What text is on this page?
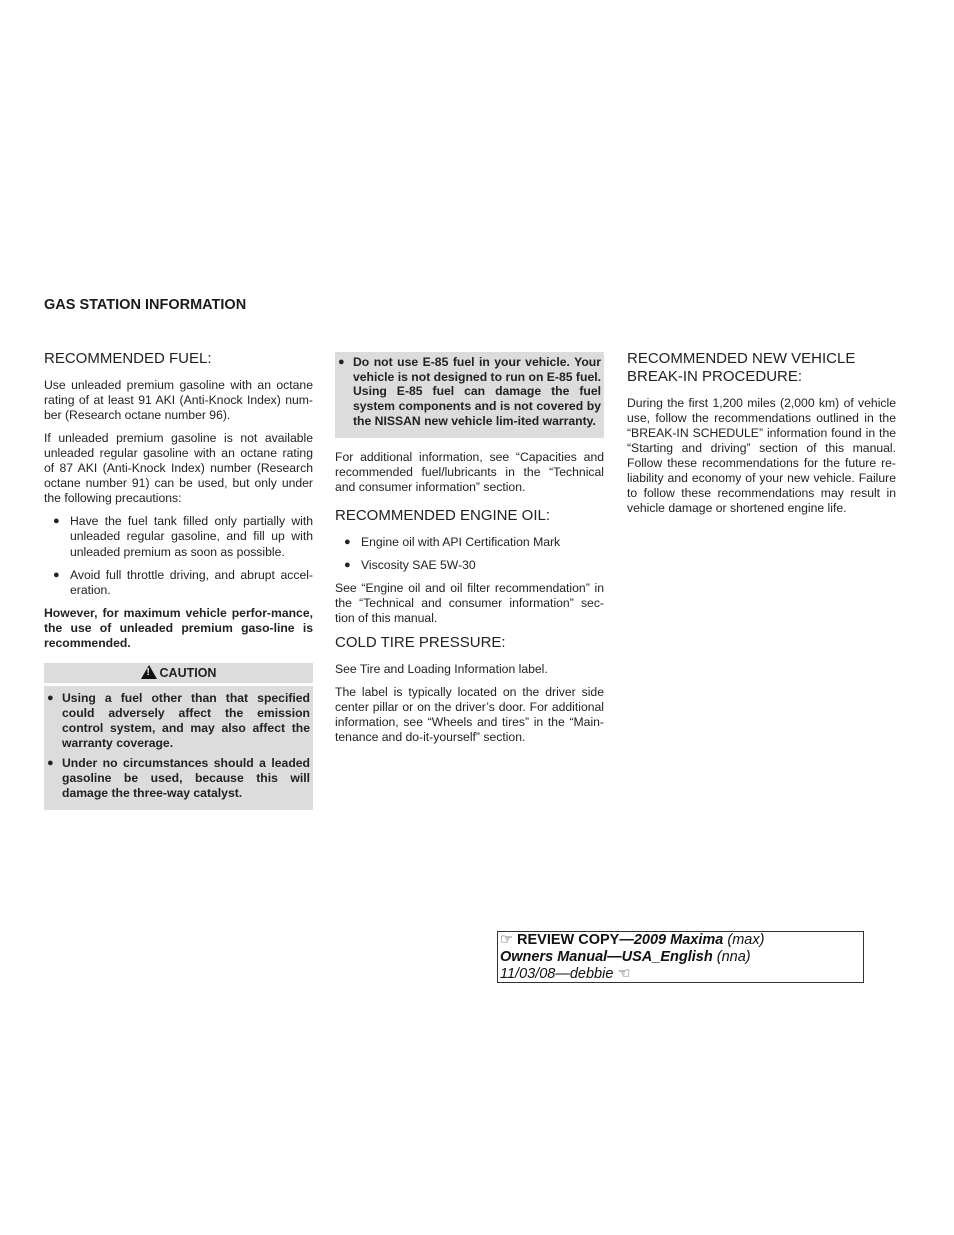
GAS STATION INFORMATION
RECOMMENDED FUEL:

Use unleaded premium gasoline with an octane rating of at least 91 AKI (Anti-Knock Index) num-ber (Research octane number 96).

If unleaded premium gasoline is not available unleaded regular gasoline with an octane rating of 87 AKI (Anti-Knock Index) number (Research octane number 91) can be used, but only under the following precautions:

● Have the fuel tank filled only partially with unleaded regular gasoline, and fill up with unleaded premium as soon as possible.
● Avoid full throttle driving, and abrupt accel-eration.

However, for maximum vehicle perfor-mance, the use of unleaded premium gaso-line is recommended.

!CAUTION
● Using a fuel other than that specified could adversely affect the emission control system, and may also affect the warranty coverage.
● Under no circumstances should a leaded gasoline be used, because this will damage the three-way catalyst.
● Do not use E-85 fuel in your vehicle. Your vehicle is not designed to run on E-85 fuel. Using E-85 fuel can damage the fuel system components and is not covered by the NISSAN new vehicle lim-ited warranty.

For additional information, see “Capacities and recommended fuel/lubricants in the “Technical and consumer information” section.

RECOMMENDED ENGINE OIL:
● Engine oil with API Certification Mark
● Viscosity SAE 5W-30

See “Engine oil and oil filter recommendation” in the “Technical and consumer information” sec-tion of this manual.

COLD TIRE PRESSURE:

See Tire and Loading Information label.

The label is typically located on the driver side center pillar or on the driver’s door. For additional information, see “Wheels and tires” in the “Main-tenance and do-it-yourself” section.

RECOMMENDED NEW VEHICLE
BREAK-IN PROCEDURE:

During the first 1,200 miles (2,000 km) of vehicle use, follow the recommendations outlined in the “BREAK-IN SCHEDULE” information found in the “Starting and driving” section of this manual. Follow these recommendations for the future re-liability and economy of your new vehicle. Failure to follow these recommendations may result in vehicle damage or shortened engine life.

☞ REVIEW COPY—2009 Maxima (max)
Owners Manual—USA_English (nna)
11/03/08—debbie ☜
